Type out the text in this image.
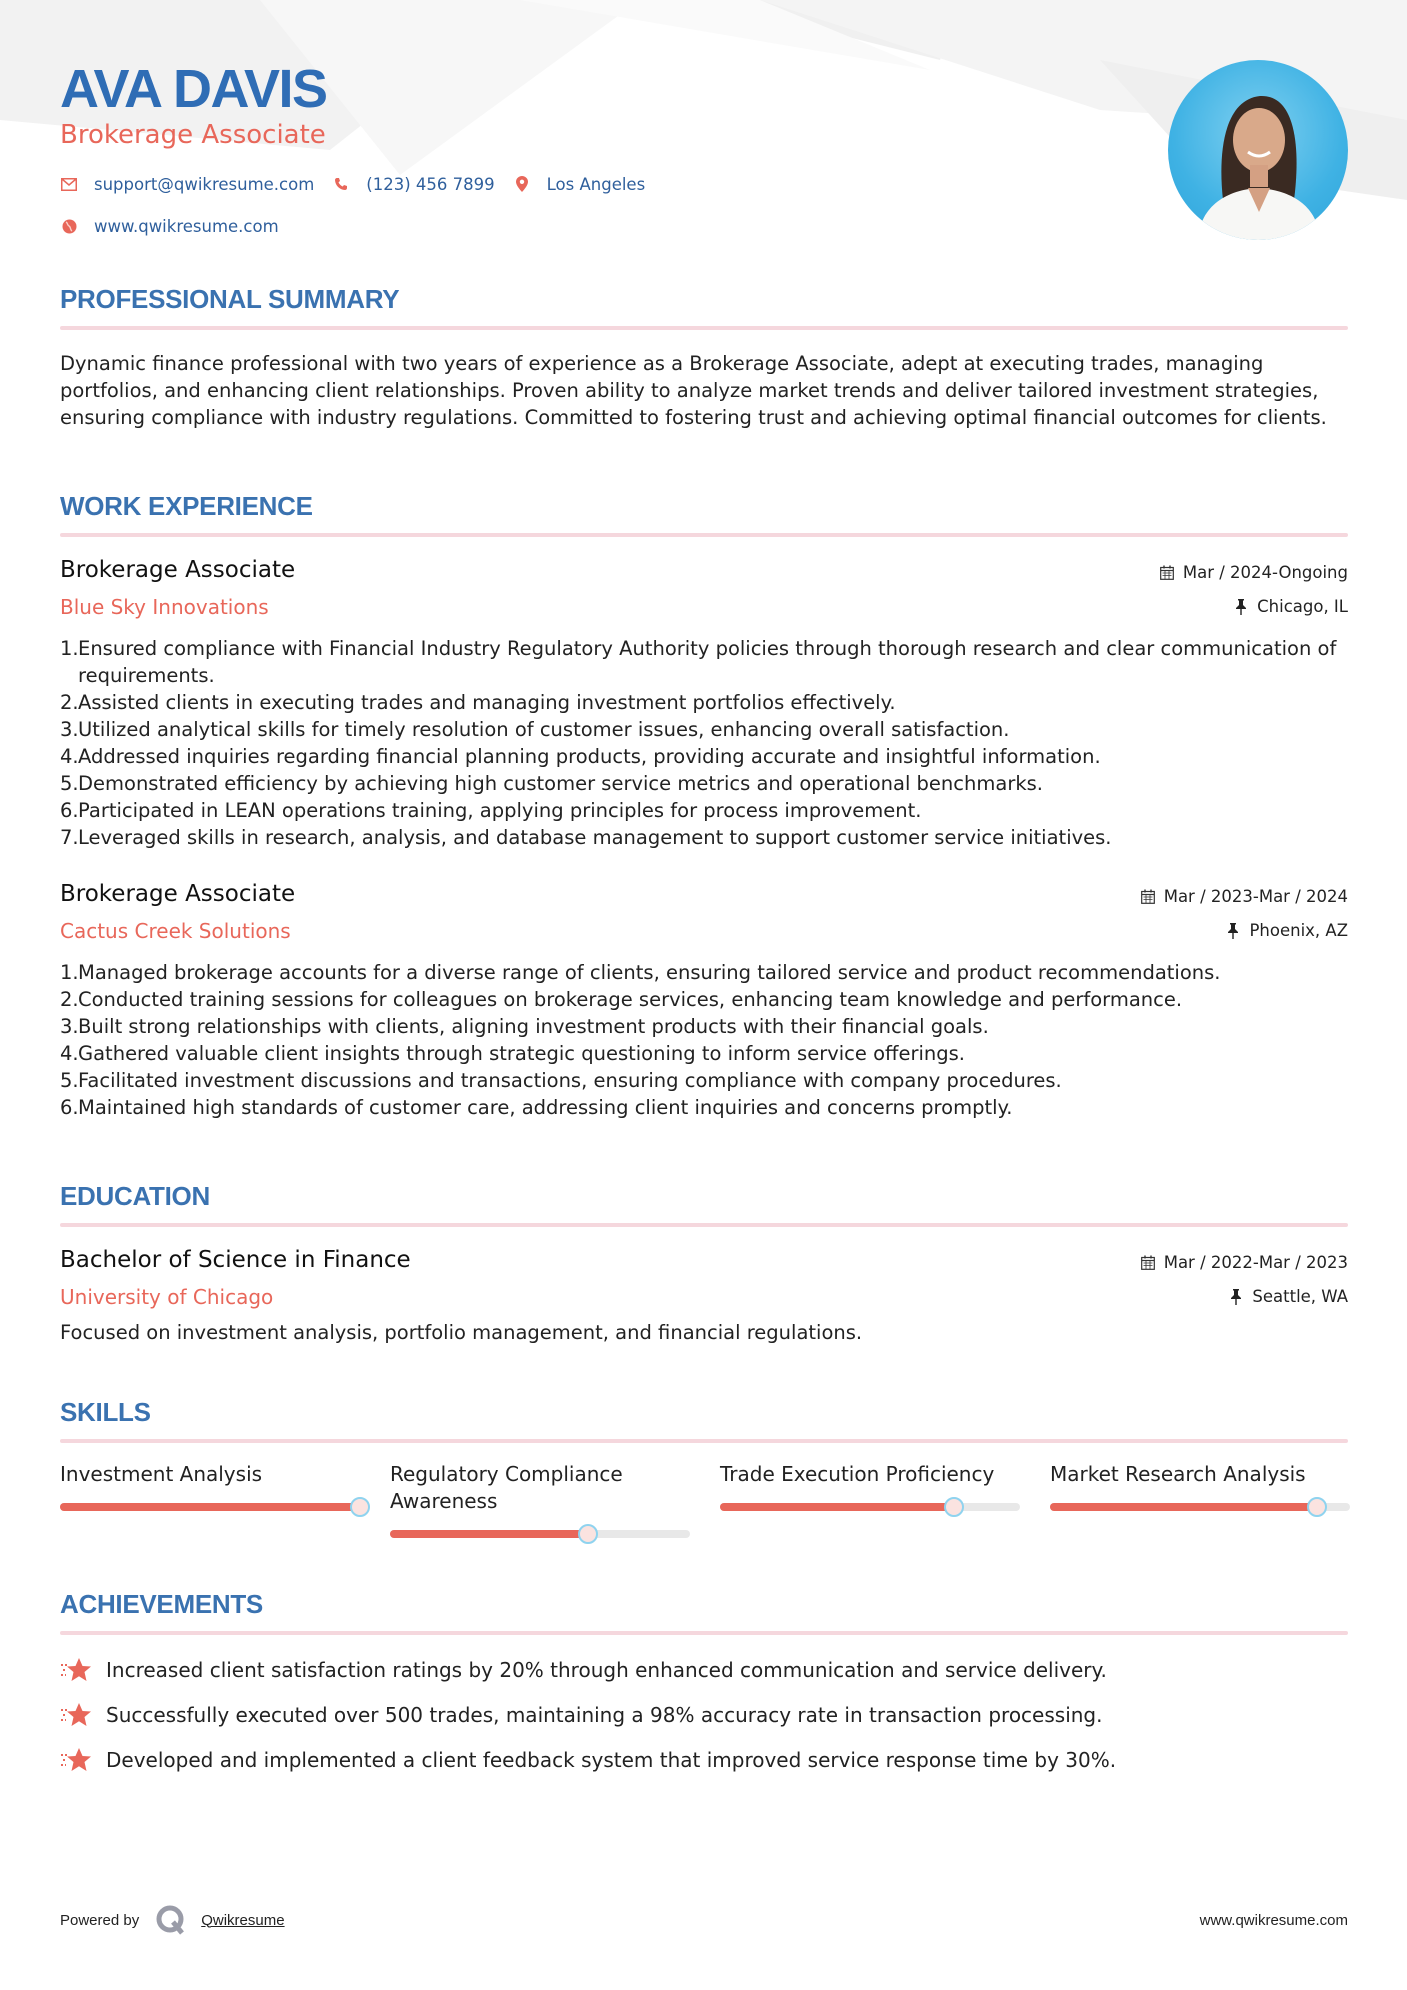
AVA DAVIS
Brokerage Associate
support@qwikresume.com	(123) 456 7899	Los Angeles
www.qwikresume.com
PROFESSIONAL SUMMARY
Dynamic finance professional with two years of experience as a Brokerage Associate, adept at executing trades, managing portfolios, and enhancing client relationships. Proven ability to analyze market trends and deliver tailored investment strategies, ensuring compliance with industry regulations. Committed to fostering trust and achieving optimal financial outcomes for clients.
WORK EXPERIENCE
Brokerage Associate
Blue Sky Innovations
Mar / 2024-Ongoing
Chicago, IL
1. Ensured compliance with Financial Industry Regulatory Authority policies through thorough research and clear communication of requirements.
2. Assisted clients in executing trades and managing investment portfolios effectively.
3. Utilized analytical skills for timely resolution of customer issues, enhancing overall satisfaction.
4. Addressed inquiries regarding financial planning products, providing accurate and insightful information.
5. Demonstrated efficiency by achieving high customer service metrics and operational benchmarks.
6. Participated in LEAN operations training, applying principles for process improvement.
7. Leveraged skills in research, analysis, and database management to support customer service initiatives.
Brokerage Associate
Cactus Creek Solutions
Mar / 2023-Mar / 2024
Phoenix, AZ
1. Managed brokerage accounts for a diverse range of clients, ensuring tailored service and product recommendations.
2. Conducted training sessions for colleagues on brokerage services, enhancing team knowledge and performance.
3. Built strong relationships with clients, aligning investment products with their financial goals.
4. Gathered valuable client insights through strategic questioning to inform service offerings.
5. Facilitated investment discussions and transactions, ensuring compliance with company procedures.
6. Maintained high standards of customer care, addressing client inquiries and concerns promptly.
EDUCATION
Bachelor of Science in Finance
University of Chicago
Mar / 2022-Mar / 2023
Seattle, WA
Focused on investment analysis, portfolio management, and financial regulations.
SKILLS
Investment Analysis	Regulatory Compliance Awareness
Trade Execution Proficiency	Market Research Analysis
ACHIEVEMENTS
Increased client satisfaction ratings by 20% through enhanced communication and service delivery.
Successfully executed over 500 trades, maintaining a 98% accuracy rate in transaction processing.
Developed and implemented a client feedback system that improved service response time by 30%.
Powered by	Qwikresume	www.qwikresume.com
